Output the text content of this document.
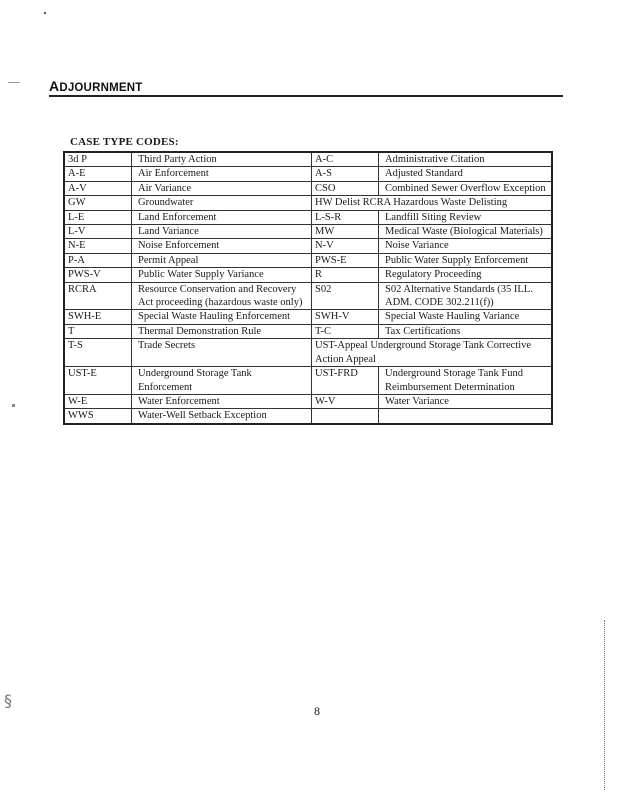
ADJOURNMENT
CASE TYPE CODES:
3d P	Third Party Action	A-C	Administrative Citation
A-E	Air Enforcement	A-S	Adjusted Standard
A-V	Air Variance	CSO	Combined Sewer Overflow Exception
GW	Groundwater	HW Delist RCRA Hazardous Waste Delisting	
L-E	Land Enforcement	L-S-R	Landfill Siting Review
L-V	Land Variance	MW	Medical Waste (Biological Materials)
N-E	Noise Enforcement	N-V	Noise Variance
P-A	Permit Appeal	PWS-E	Public Water Supply Enforcement
PWS-V	Public Water Supply Variance	R	Regulatory Proceeding
RCRA	Resource Conservation and Recovery Act proceeding (hazardous waste only)	S02	S02 Alternative Standards (35 ILL. ADM. CODE 302.211(f))
SWH-E	Special Waste Hauling Enforcement	SWH-V	Special Waste Hauling Variance
T	Thermal Demonstration Rule	T-C	Tax Certifications
T-S	Trade Secrets	UST-Appeal Underground Storage Tank Corrective Action Appeal	
UST-E	Underground Storage Tank Enforcement	UST-FRD	Underground Storage Tank Fund Reimbursement Determination
W-E	Water Enforcement	W-V	Water Variance
WWS	Water-Well Setback Exception		
8
§
